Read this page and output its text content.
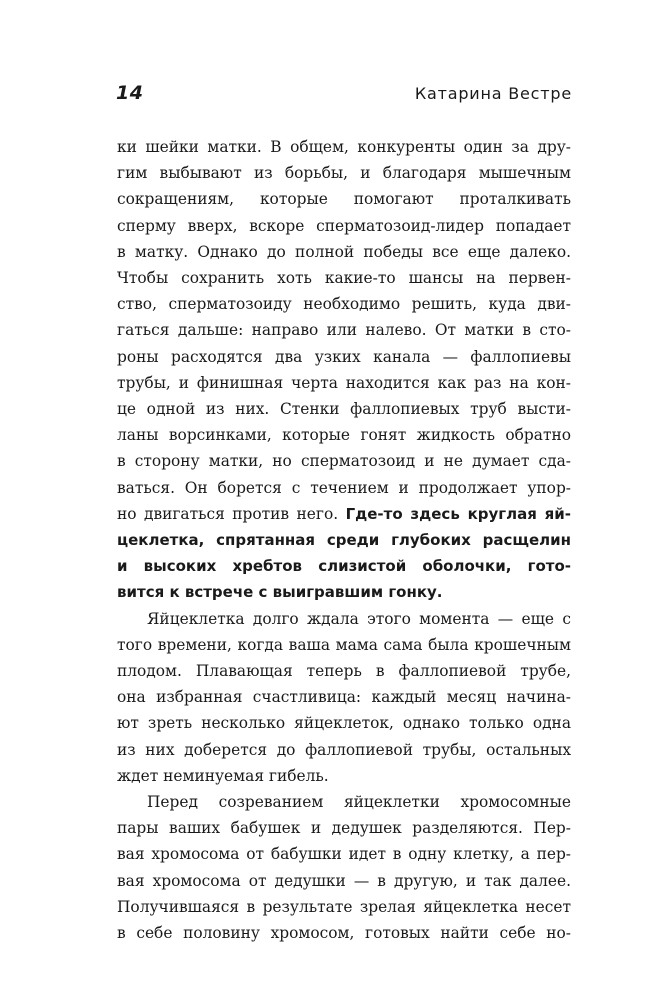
14	Катарина Вестре
ки шейки матки. В общем, конкуренты один за дру-
гим выбывают из борьбы, и благодаря мышечным
сокращениям, которые помогают проталкивать
сперму вверх, вскоре сперматозоид-лидер попадает
в матку. Однако до полной победы все еще далеко.
Чтобы сохранить хоть какие-то шансы на первен-
ство, сперматозоиду необходимо решить, куда дви-
гаться дальше: направо или налево. От матки в сто-
роны расходятся два узких канала — фаллопиевы
трубы, и финишная черта находится как раз на кон-
це одной из них. Стенки фаллопиевых труб высти-
ланы ворсинками, которые гонят жидкость обратно
в сторону матки, но сперматозоид и не думает сда-
ваться. Он борется с течением и продолжает упор-
но двигаться против него. Где-то здесь круглая яй-
цеклетка, спрятанная среди глубоких расщелин
и высоких хребтов слизистой оболочки, гото-
вится к встрече с выигравшим гонку.
Яйцеклетка долго ждала этого момента — еще с
того времени, когда ваша мама сама была крошечным
плодом. Плавающая теперь в фаллопиевой трубе,
она избранная счастливица: каждый месяц начина-
ют зреть несколько яйцеклеток, однако только одна
из них доберется до фаллопиевой трубы, остальных
ждет неминуемая гибель.
Перед созреванием яйцеклетки хромосомные
пары ваших бабушек и дедушек разделяются. Пер-
вая хромосома от бабушки идет в одну клетку, а пер-
вая хромосома от дедушки — в другую, и так далее.
Получившаяся в результате зрелая яйцеклетка несет
в себе половину хромосом, готовых найти себе но-
